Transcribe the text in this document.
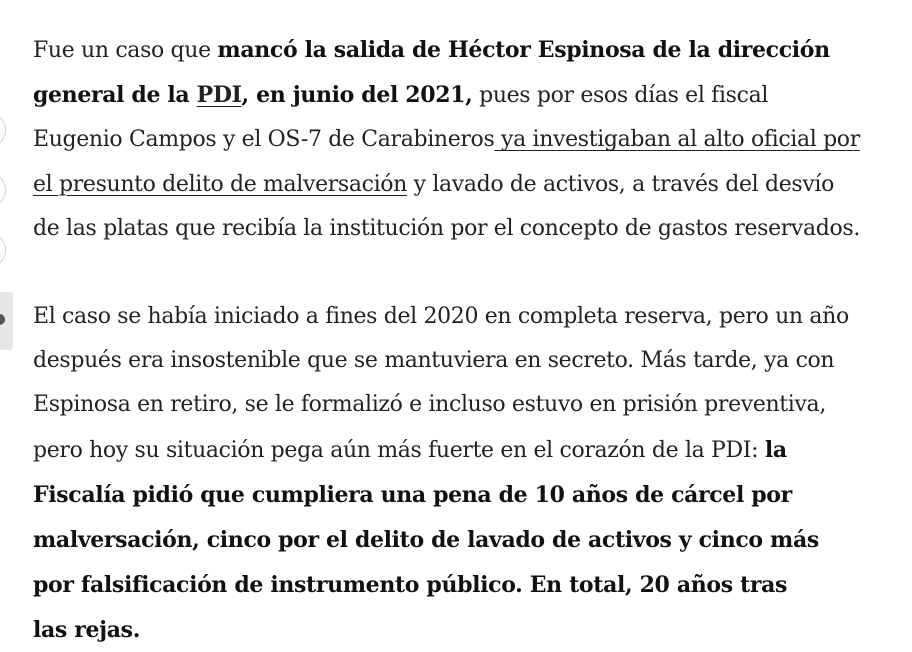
Fue un caso que mancó la salida de Héctor Espinosa de la dirección
general de la PDI, en junio del 2021, pues por esos días el fiscal
Eugenio Campos y el OS-7 de Carabineros ya investigaban al alto oficial por
el presunto delito de malversación y lavado de activos, a través del desvío
de las platas que recibía la institución por el concepto de gastos reservados.

El caso se había iniciado a fines del 2020 en completa reserva, pero un año
después era insostenible que se mantuviera en secreto. Más tarde, ya con
Espinosa en retiro, se le formalizó e incluso estuvo en prisión preventiva,
pero hoy su situación pega aún más fuerte en el corazón de la PDI: la
Fiscalía pidió que cumpliera una pena de 10 años de cárcel por
malversación, cinco por el delito de lavado de activos y cinco más
por falsificación de instrumento público. En total, 20 años tras
las rejas.
